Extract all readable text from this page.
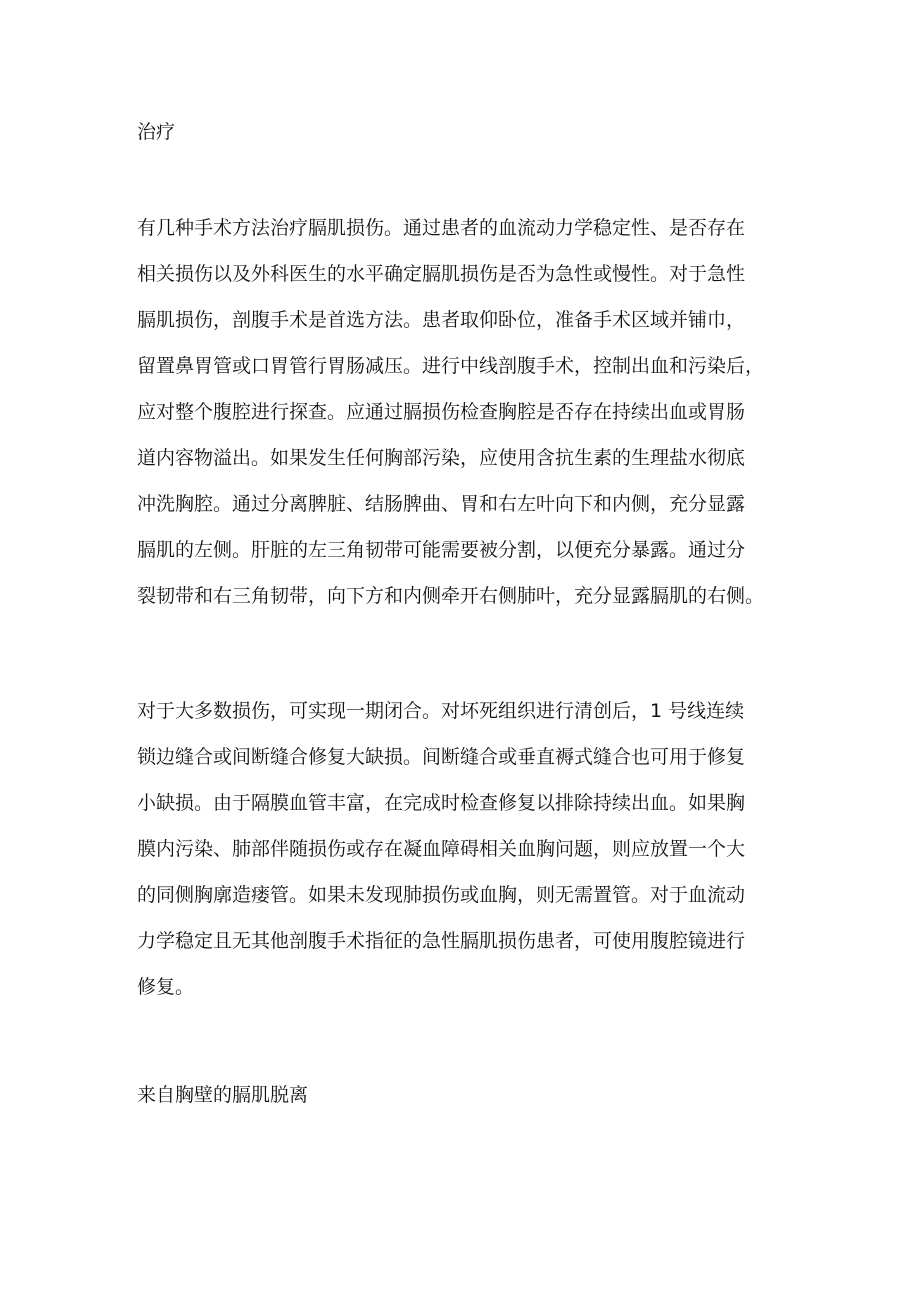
治疗
有几种手术方法治疗膈肌损伤。通过患者的血流动力学稳定性、是否存在
相关损伤以及外科医生的水平确定膈肌损伤是否为急性或慢性。对于急性
膈肌损伤，剖腹手术是首选方法。患者取仰卧位，准备手术区域并铺巾，
留置鼻胃管或口胃管行胃肠减压。进行中线剖腹手术，控制出血和污染后，
应对整个腹腔进行探查。应通过膈损伤检查胸腔是否存在持续出血或胃肠
道内容物溢出。如果发生任何胸部污染，应使用含抗生素的生理盐水彻底
冲洗胸腔。通过分离脾脏、结肠脾曲、胃和右左叶向下和内侧，充分显露
膈肌的左侧。肝脏的左三角韧带可能需要被分割，以便充分暴露。通过分
裂韧带和右三角韧带，向下方和内侧牵开右侧肺叶，充分显露膈肌的右侧。
对于大多数损伤，可实现一期闭合。对坏死组织进行清创后，1 号线连续
锁边缝合或间断缝合修复大缺损。间断缝合或垂直褥式缝合也可用于修复
小缺损。由于隔膜血管丰富，在完成时检查修复以排除持续出血。如果胸
膜内污染、肺部伴随损伤或存在凝血障碍相关血胸问题，则应放置一个大
的同侧胸廓造瘘管。如果未发现肺损伤或血胸，则无需置管。对于血流动
力学稳定且无其他剖腹手术指征的急性膈肌损伤患者，可使用腹腔镜进行
修复。
来自胸壁的膈肌脱离
